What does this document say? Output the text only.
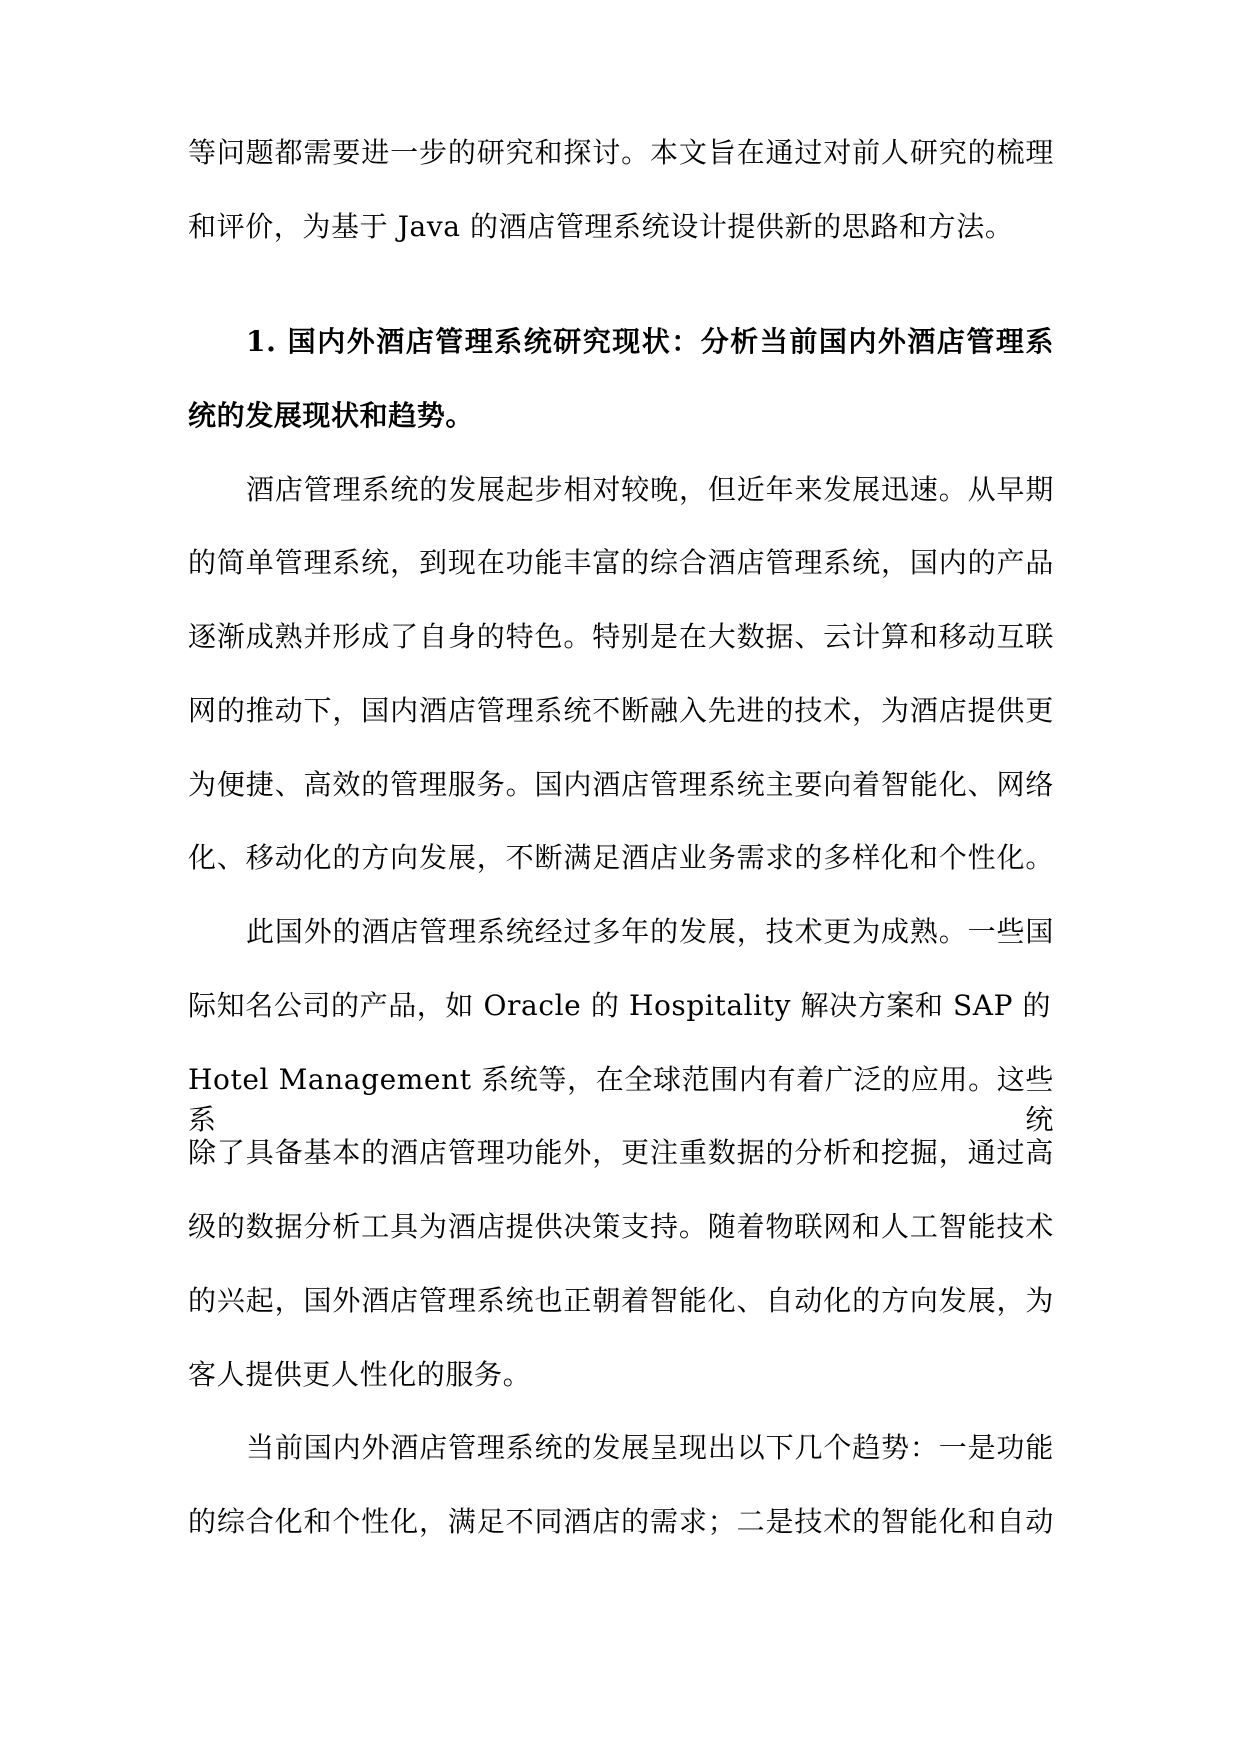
等问题都需要进一步的研究和探讨。本文旨在通过对前人研究的梳理
和评价，为基于 Java 的酒店管理系统设计提供新的思路和方法。
1. 国内外酒店管理系统研究现状：分析当前国内外酒店管理系
统的发展现状和趋势。
酒店管理系统的发展起步相对较晚，但近年来发展迅速。从早期
的简单管理系统，到现在功能丰富的综合酒店管理系统，国内的产品
逐渐成熟并形成了自身的特色。特别是在大数据、云计算和移动互联
网的推动下，国内酒店管理系统不断融入先进的技术，为酒店提供更
为便捷、高效的管理服务。国内酒店管理系统主要向着智能化、网络
化、移动化的方向发展，不断满足酒店业务需求的多样化和个性化。
此国外的酒店管理系统经过多年的发展，技术更为成熟。一些国
际知名公司的产品，如 Oracle 的 Hospitality 解决方案和 SAP 的
Hotel Management 系统等，在全球范围内有着广泛的应用。这些系统
除了具备基本的酒店管理功能外，更注重数据的分析和挖掘，通过高
级的数据分析工具为酒店提供决策支持。随着物联网和人工智能技术
的兴起，国外酒店管理系统也正朝着智能化、自动化的方向发展，为
客人提供更人性化的服务。
当前国内外酒店管理系统的发展呈现出以下几个趋势：一是功能
的综合化和个性化，满足不同酒店的需求；二是技术的智能化和自动
